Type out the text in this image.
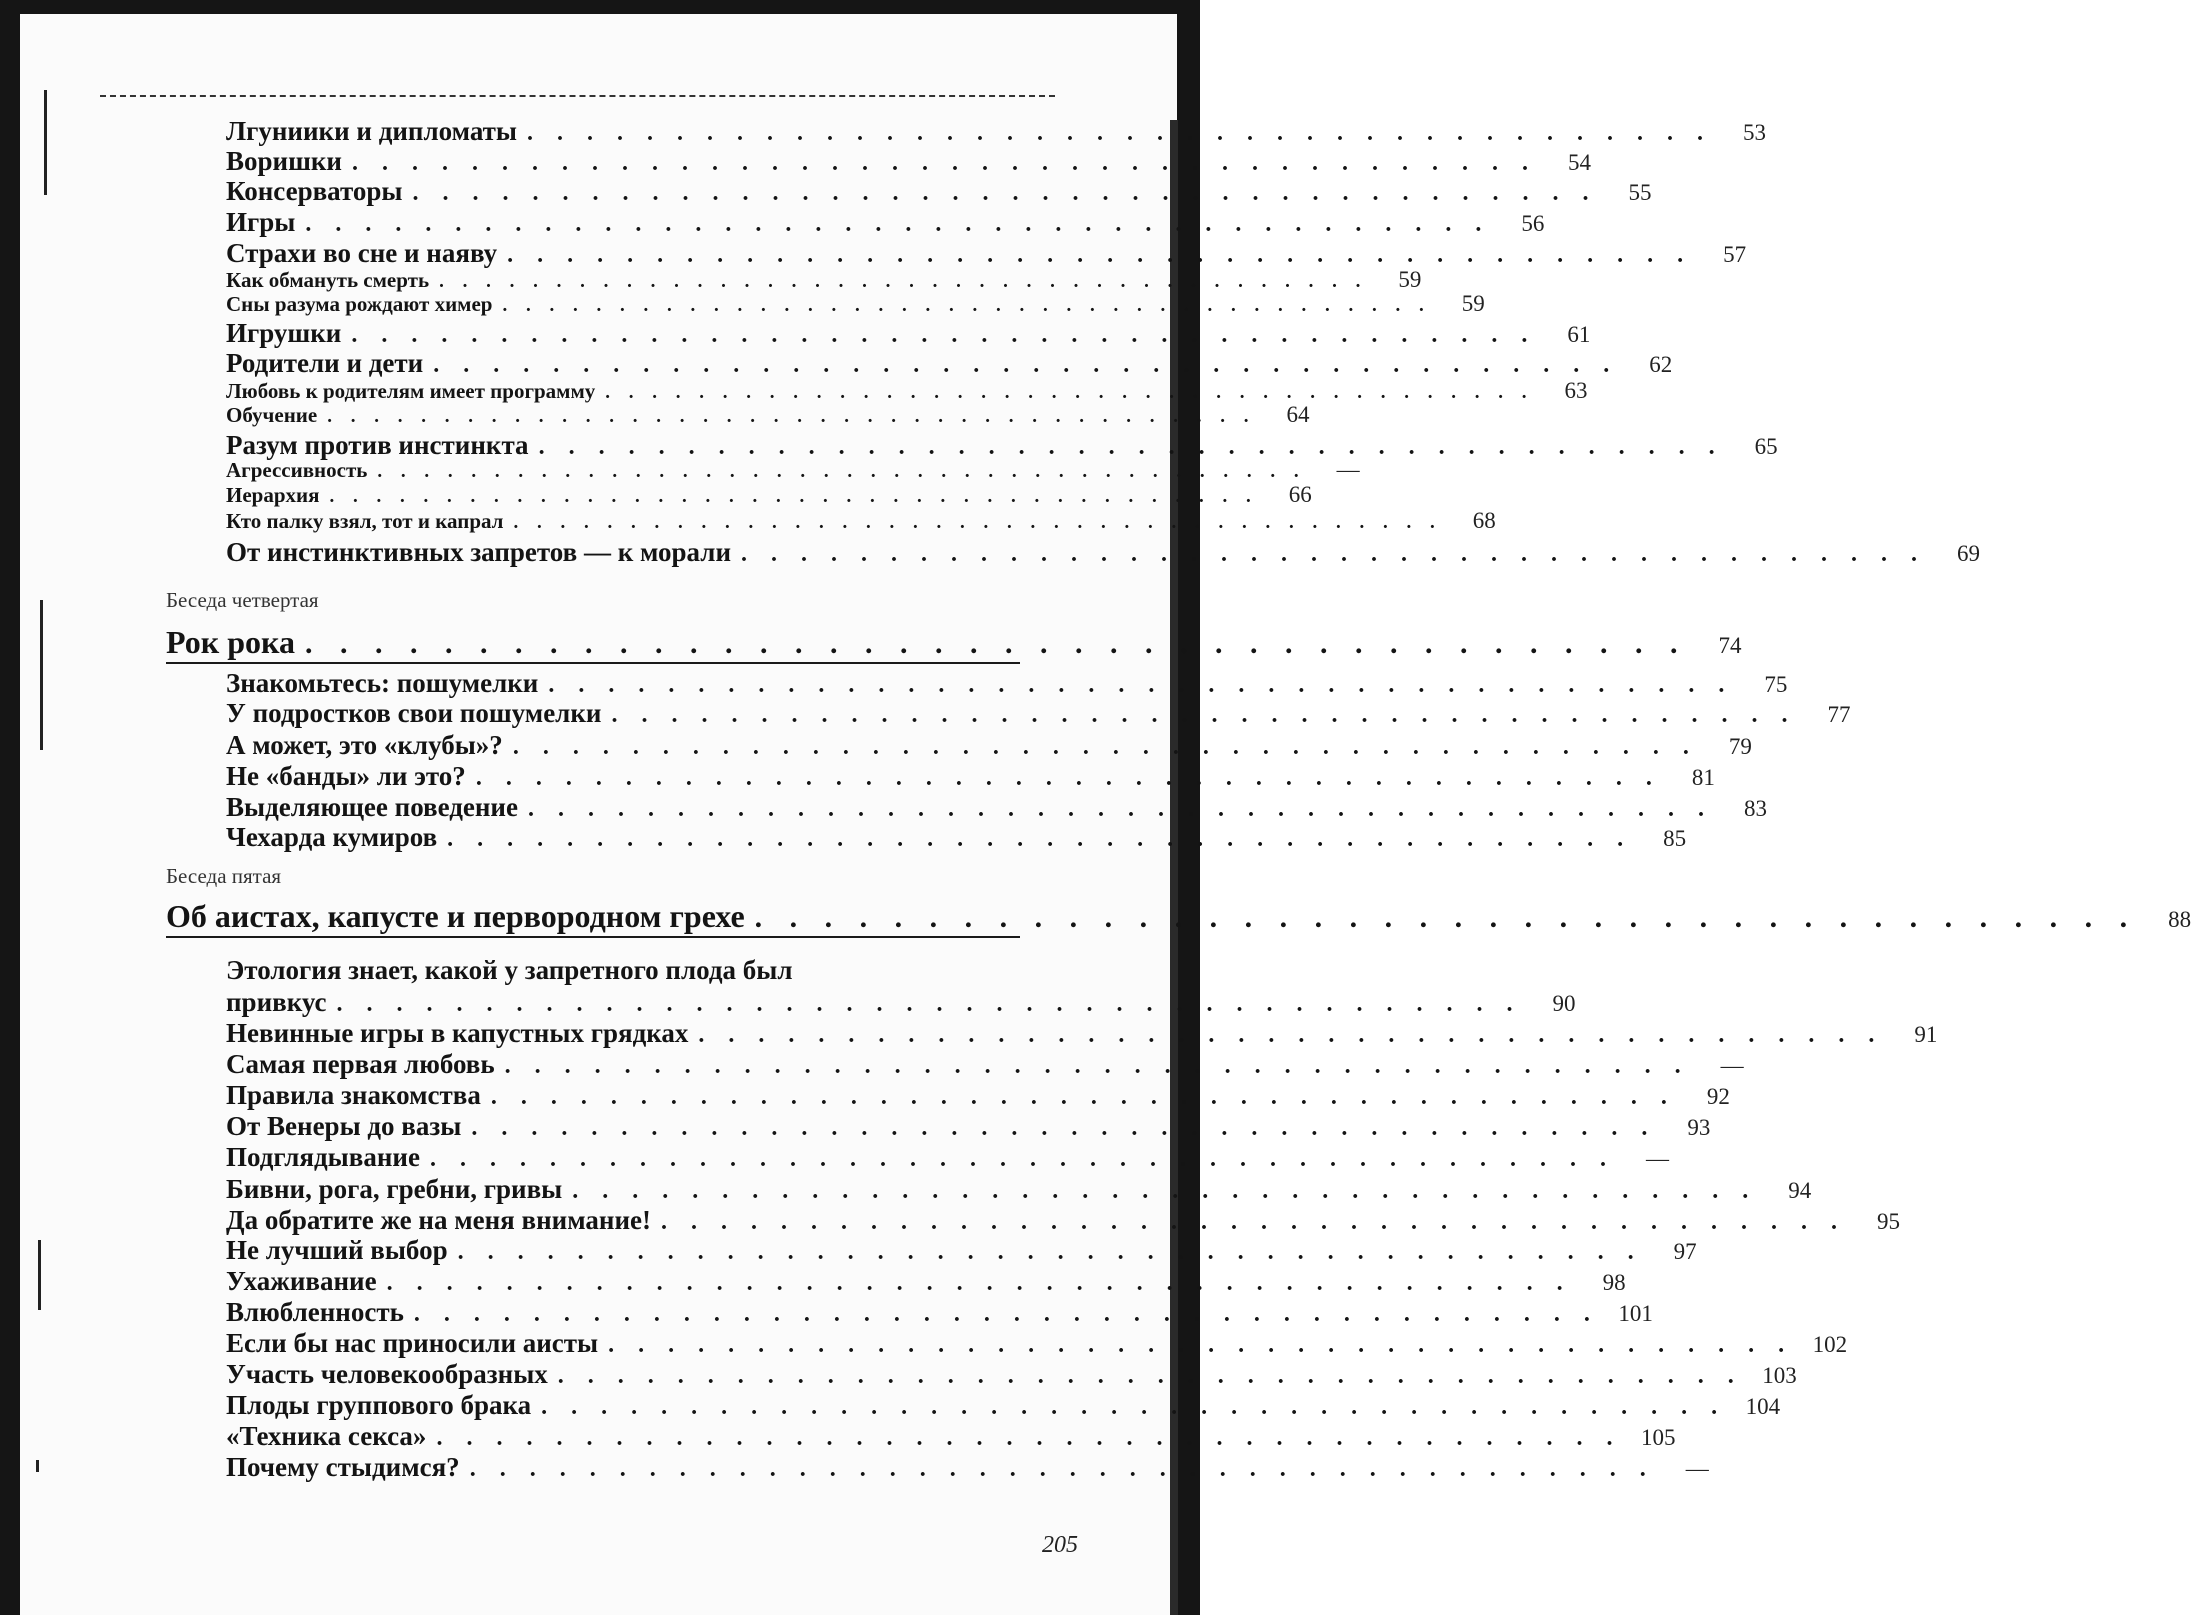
Лгуниики и дипломаты . . . . . . . . . . . . . . . . . . . . . . . . . . . . . . . . . . . . . . . .	53
Воришки . . . . . . . . . . . . . . . . . . . . . . . . . . . . . . . . . . . . . . . .	54
Консерваторы . . . . . . . . . . . . . . . . . . . . . . . . . . . . . . . . . . . . . . . .	55
Игры . . . . . . . . . . . . . . . . . . . . . . . . . . . . . . . . . . . . . . . .	56
Страхи во сне и наяву . . . . . . . . . . . . . . . . . . . . . . . . . . . . . . . . . . . . . . . .	57
Как обмануть смерть . . . . . . . . . . . . . . . . . . . . . . . . . . . . . . . . . . . . . . . .	59
Сны разума рождают химер . . . . . . . . . . . . . . . . . . . . . . . . . . . . . . . . . . . . . . . .	59
Игрушки . . . . . . . . . . . . . . . . . . . . . . . . . . . . . . . . . . . . . . . .	61
Родители и дети . . . . . . . . . . . . . . . . . . . . . . . . . . . . . . . . . . . . . . . .	62
Любовь к родителям имеет программу . . . . . . . . . . . . . . . . . . . . . . . . . . . . . . . . . . . . . . . .	63
Обучение . . . . . . . . . . . . . . . . . . . . . . . . . . . . . . . . . . . . . . . .	64
Разум против инстинкта . . . . . . . . . . . . . . . . . . . . . . . . . . . . . . . . . . . . . . . .	65
Агрессивность . . . . . . . . . . . . . . . . . . . . . . . . . . . . . . . . . . . . . . . .	—
Иерархия . . . . . . . . . . . . . . . . . . . . . . . . . . . . . . . . . . . . . . . .	66
Кто палку взял, тот и капрал . . . . . . . . . . . . . . . . . . . . . . . . . . . . . . . . . . . . . . . .	68
От инстинктивных запретов — к морали . . . . . . . . . . . . . . . . . . . . . . . . . . . . . . . . . . . . . . . .	69
Беседа четвертая
Рок рока . . . . . . . . . . . . . . . . . . . . . . . . . . . . . . . . . . . . . . . .	74
Знакомьтесь: пошумелки . . . . . . . . . . . . . . . . . . . . . . . . . . . . . . . . . . . . . . . .	75
У подростков свои пошумелки . . . . . . . . . . . . . . . . . . . . . . . . . . . . . . . . . . . . . . . .	77
А может, это «клубы»? . . . . . . . . . . . . . . . . . . . . . . . . . . . . . . . . . . . . . . . .	79
Не «банды» ли это? . . . . . . . . . . . . . . . . . . . . . . . . . . . . . . . . . . . . . . . .	81
Выделяющее поведение . . . . . . . . . . . . . . . . . . . . . . . . . . . . . . . . . . . . . . . .	83
Чехарда кумиров . . . . . . . . . . . . . . . . . . . . . . . . . . . . . . . . . . . . . . . .	85
Беседа пятая
Об аистах, капусте и первородном грехе . . . . . . . . . . . . . . . . . . . . . . . . . . . . . . . . . . . . . . . .	88
Этология знает, какой у запретного плода был
привкус . . . . . . . . . . . . . . . . . . . . . . . . . . . . . . . . . . . . . . . .	90
Невинные игры в капустных грядках . . . . . . . . . . . . . . . . . . . . . . . . . . . . . . . . . . . . . . . .	91
Самая первая любовь . . . . . . . . . . . . . . . . . . . . . . . . . . . . . . . . . . . . . . . .	—
Правила знакомства . . . . . . . . . . . . . . . . . . . . . . . . . . . . . . . . . . . . . . . .	92
От Венеры до вазы . . . . . . . . . . . . . . . . . . . . . . . . . . . . . . . . . . . . . . . .	93
Подглядывание . . . . . . . . . . . . . . . . . . . . . . . . . . . . . . . . . . . . . . . .	—
Бивни, рога, гребни, гривы . . . . . . . . . . . . . . . . . . . . . . . . . . . . . . . . . . . . . . . .	94
Да обратите же на меня внимание! . . . . . . . . . . . . . . . . . . . . . . . . . . . . . . . . . . . . . . . .	95
Не лучший выбор . . . . . . . . . . . . . . . . . . . . . . . . . . . . . . . . . . . . . . . .	97
Ухаживание . . . . . . . . . . . . . . . . . . . . . . . . . . . . . . . . . . . . . . . .	98
Влюбленность . . . . . . . . . . . . . . . . . . . . . . . . . . . . . . . . . . . . . . . . 101
Если бы нас приносили аисты . . . . . . . . . . . . . . . . . . . . . . . . . . . . . . . . . . . . . . . . 102
Участь человекообразных . . . . . . . . . . . . . . . . . . . . . . . . . . . . . . . . . . . . . . . . 103
Плоды группового брака . . . . . . . . . . . . . . . . . . . . . . . . . . . . . . . . . . . . . . . . 104
«Техника секса» . . . . . . . . . . . . . . . . . . . . . . . . . . . . . . . . . . . . . . . . 105
Почему стыдимся? . . . . . . . . . . . . . . . . . . . . . . . . . . . . . . . . . . . . . . . .	—
205
